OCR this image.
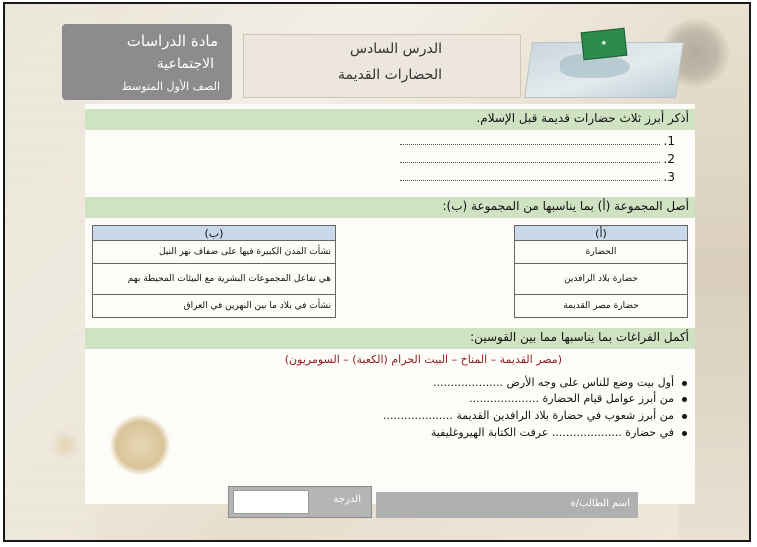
مادة الدراسات
الاجتماعية
الصف الأول المتوسط
الدرس السادس
الحضارات القديمة
★
أذكر أبرز ثلاث حضارات قديمة قبل الإسلام.
1.
2.
3.
أصل المجموعة (أ) بما يناسبها من المجموعة (ب):
(أ)
الحضارة
حضارة بلاد الرافدين
حضارة مصر القديمة
(ب)
نشأت المدن الكبيرة فيها على ضفاف نهر النيل
هي تفاعل المجموعات البشرية مع البيئات المحيطة بهم
نشأت في بلاد ما بين النهرين في العراق
أكمل الفراغات بما يناسبها مما بين القوسين:
(مصر القديمة – المناخ – البيت الحرام (الكعبة) – السومريون)
أول بيت وضع للناس على وجه الأرض ....................
من أبرز عوامل قيام الحضارة ....................
من أبرز شعوب في حضارة بلاد الرافدين القديمة ....................
في حضارة .................... عرفت الكتابة الهيروغليفية
الدرجة	اسم الطالب/ة
